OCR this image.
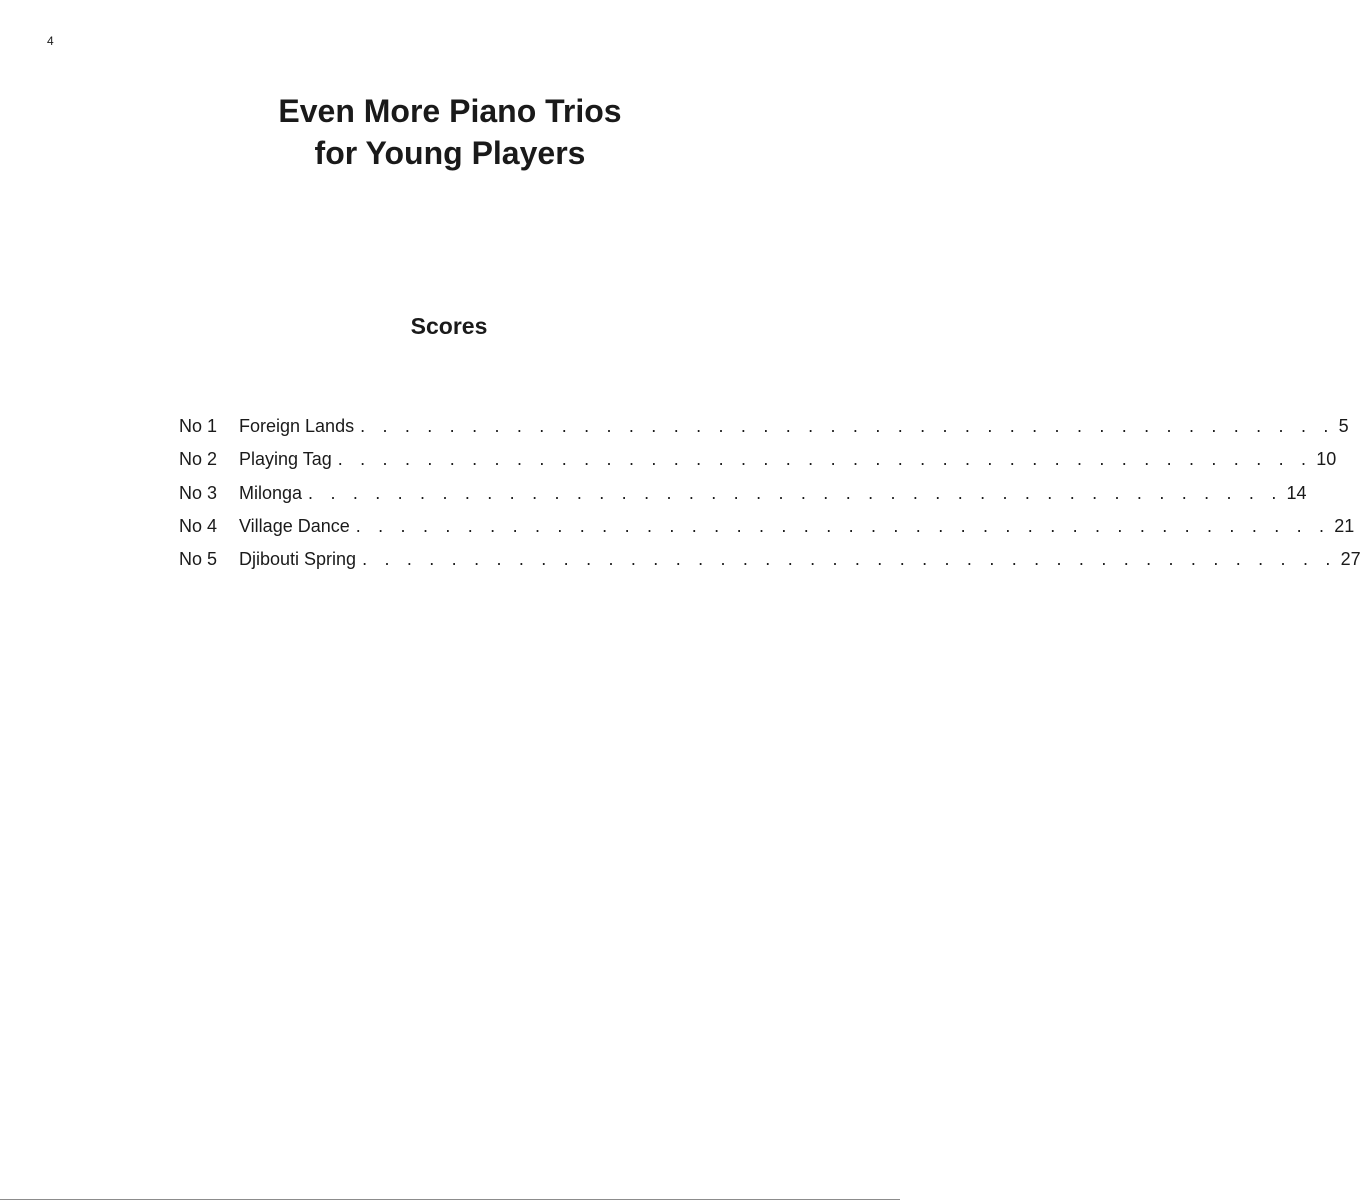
4
Even More Piano Trios
for Young Players
Scores
No 1	Foreign Lands . . . . . . . . . . . . . . . . . . . . . . . . . . . . . . . . . . . . . . . . . . . . 5
No 2	Playing Tag . . . . . . . . . . . . . . . . . . . . . . . . . . . . . . . . . . . . . . . . . . . . 10
No 3	Milonga . . . . . . . . . . . . . . . . . . . . . . . . . . . . . . . . . . . . . . . . . . . . 14
No 4	Village Dance . . . . . . . . . . . . . . . . . . . . . . . . . . . . . . . . . . . . . . . . . . . . 21
No 5	Djibouti Spring . . . . . . . . . . . . . . . . . . . . . . . . . . . . . . . . . . . . . . . . . . . . 27
